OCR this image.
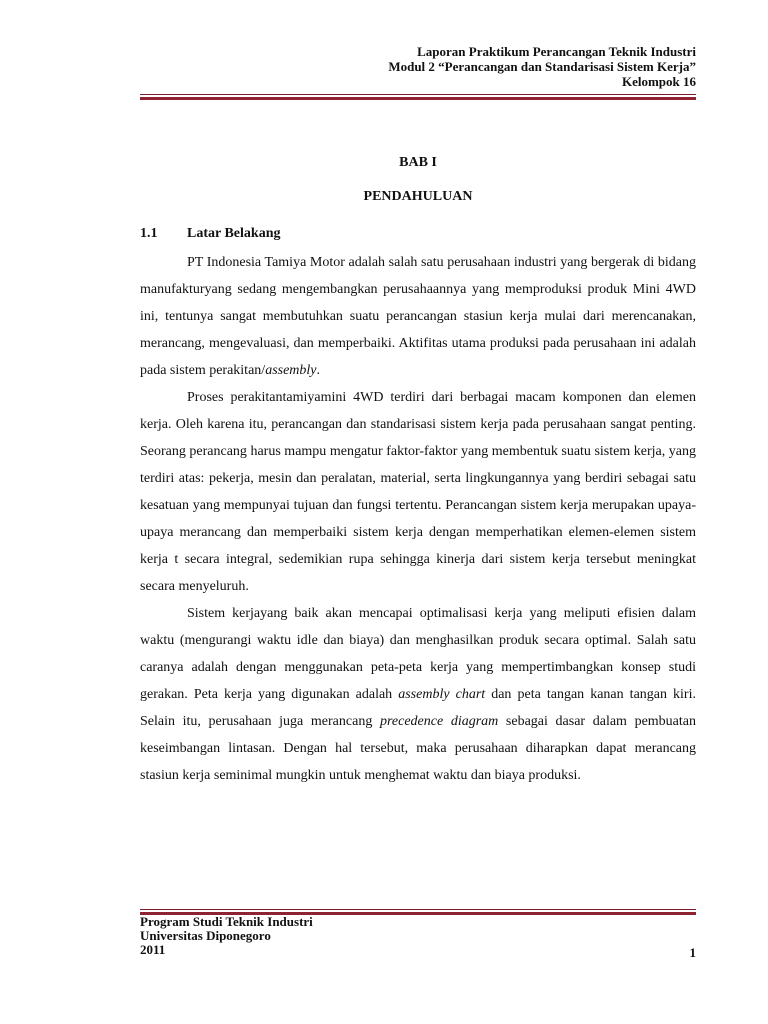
Laporan Praktikum Perancangan Teknik Industri
Modul 2 “Perancangan dan Standarisasi Sistem Kerja”
Kelompok 16
BAB I
PENDAHULUAN
1.1 Latar Belakang

PT Indonesia Tamiya Motor adalah salah satu perusahaan industri yang bergerak di bidang manufakturyang sedang mengembangkan perusahaannya yang memproduksi produk Mini 4WD ini, tentunya sangat membutuhkan suatu perancangan stasiun kerja mulai dari merencanakan, merancang, mengevaluasi, dan memperbaiki. Aktifitas utama produksi pada perusahaan ini adalah pada sistem perakitan/assembly.

Proses perakitantamiyamini 4WD terdiri dari berbagai macam komponen dan elemen kerja. Oleh karena itu, perancangan dan standarisasi sistem kerja pada perusahaan sangat penting. Seorang perancang harus mampu mengatur faktor-faktor yang membentuk suatu sistem kerja, yang terdiri atas: pekerja, mesin dan peralatan, material, serta lingkungannya yang berdiri sebagai satu kesatuan yang mempunyai tujuan dan fungsi tertentu. Perancangan sistem kerja merupakan upaya-upaya merancang dan memperbaiki sistem kerja dengan memperhatikan elemen-elemen sistem kerja t secara integral, sedemikian rupa sehingga kinerja dari sistem kerja tersebut meningkat secara menyeluruh.

Sistem kerjayang baik akan mencapai optimalisasi kerja yang meliputi efisien dalam waktu (mengurangi waktu idle dan biaya) dan menghasilkan produk secara optimal. Salah satu caranya adalah dengan menggunakan peta-peta kerja yang mempertimbangkan konsep studi gerakan. Peta kerja yang digunakan adalah assembly chart dan peta tangan kanan tangan kiri. Selain itu, perusahaan juga merancang precedence diagram sebagai dasar dalam pembuatan keseimbangan lintasan. Dengan hal tersebut, maka perusahaan diharapkan dapat merancang stasiun kerja seminimal mungkin untuk menghemat waktu dan biaya produksi.

Program Studi Teknik Industri
Universitas Diponegoro
2011	1
